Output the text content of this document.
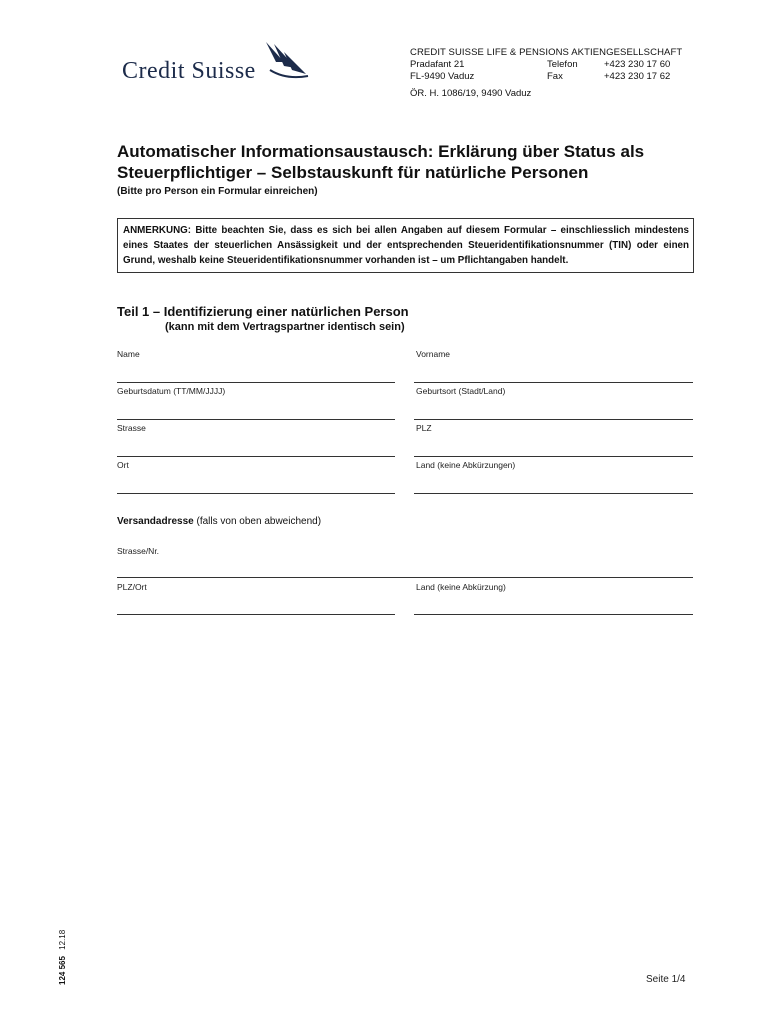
Credit Suisse
CREDIT SUISSE LIFE & PENSIONS AKTIENGESELLSCHAFT
Pradafant 21	Telefon	+423 230 17 60
FL-9490 Vaduz	Fax	+423 230 17 62
ÖR. H. 1086/19, 9490 Vaduz
Automatischer Informationsaustausch: Erklärung über Status als Steuerpflichtiger – Selbstauskunft für natürliche Personen
(Bitte pro Person ein Formular einreichen)
ANMERKUNG: Bitte beachten Sie, dass es sich bei allen Angaben auf diesem Formular – einschliesslich mindestens eines Staates der steuerlichen Ansässigkeit und der entsprechenden Steueridentifikationsnummer (TIN) oder einen Grund, weshalb keine Steueridentifikationsnummer vorhanden ist – um Pflichtangaben handelt.
Teil 1 – Identifizierung einer natürlichen Person
(kann mit dem Vertragspartner identisch sein)
Name	Vorname
Geburtsdatum (TT/MM/JJJJ)	Geburtsort (Stadt/Land)
Strasse	PLZ
Ort	Land (keine Abkürzungen)
Versandadresse (falls von oben abweichend)
Strasse/Nr.
PLZ/Ort	Land (keine Abkürzung)
124 565 12.18
Seite 1/4
